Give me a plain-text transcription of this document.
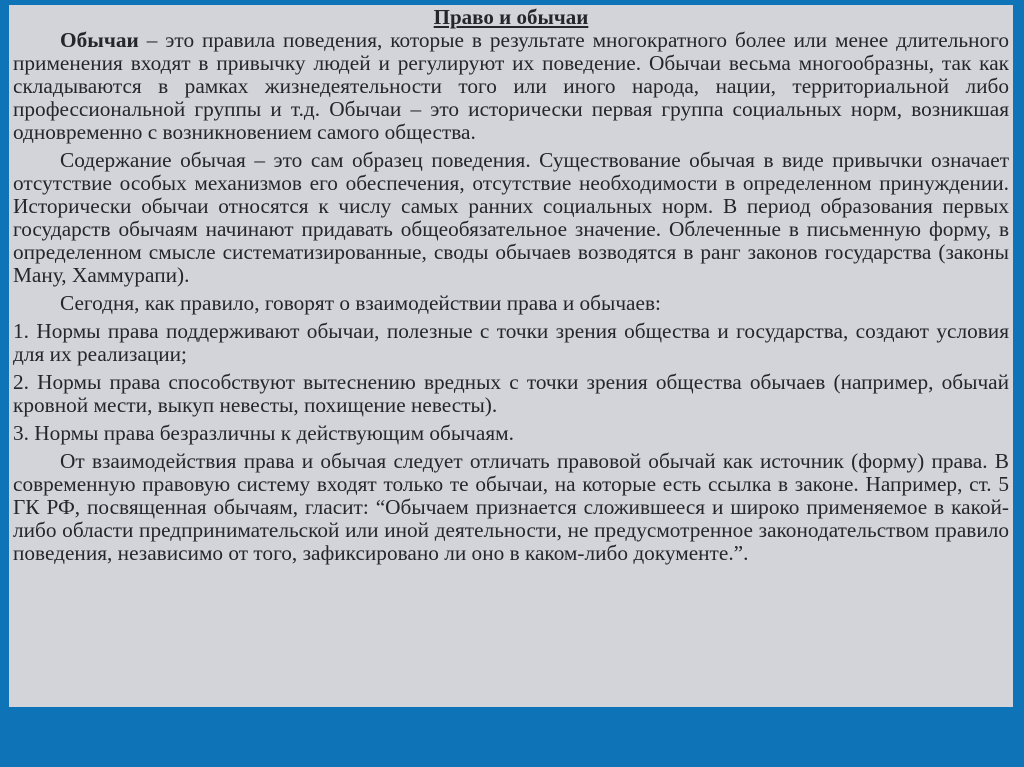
Право и обычаи

Обычаи – это правила поведения, которые в результате многократного более или менее длительного применения входят в привычку людей и регулируют их поведение. Обычаи весьма многообразны, так как складываются в рамках жизнедеятельности того или иного народа, нации, территориальной либо профессиональной группы и т.д. Обычаи – это исторически первая группа социальных норм, возникшая одновременно с возникновением самого общества.

Содержание обычая – это сам образец поведения. Существование обычая в виде привычки означает отсутствие особых механизмов его обеспечения, отсутствие необходимости в определенном принуждении. Исторически обычаи относятся к числу самых ранних социальных норм. В период образования первых государств обычаям начинают придавать общеобязательное значение. Облеченные в письменную форму, в определенном смысле систематизированные, своды обычаев возводятся в ранг законов государства (законы Ману, Хаммурапи).

Сегодня, как правило, говорят о взаимодействии права и обычаев:

1. Нормы права поддерживают обычаи, полезные с точки зрения общества и государства, создают условия для их реализации;

2. Нормы права способствуют вытеснению вредных с точки зрения общества обычаев (например, обычай кровной мести, выкуп невесты, похищение невесты).

3. Нормы права безразличны к действующим обычаям.

От взаимодействия права и обычая следует отличать правовой обычай как источник (форму) права. В современную правовую систему входят только те обычаи, на которые есть ссылка в законе. Например, ст. 5 ГК РФ, посвященная обычаям, гласит: “Обычаем признается сложившееся и широко применяемое в какой-либо области предпринимательской или иной деятельности, не предусмотренное законодательством правило поведения, независимо от того, зафиксировано ли оно в каком-либо документе.”.
